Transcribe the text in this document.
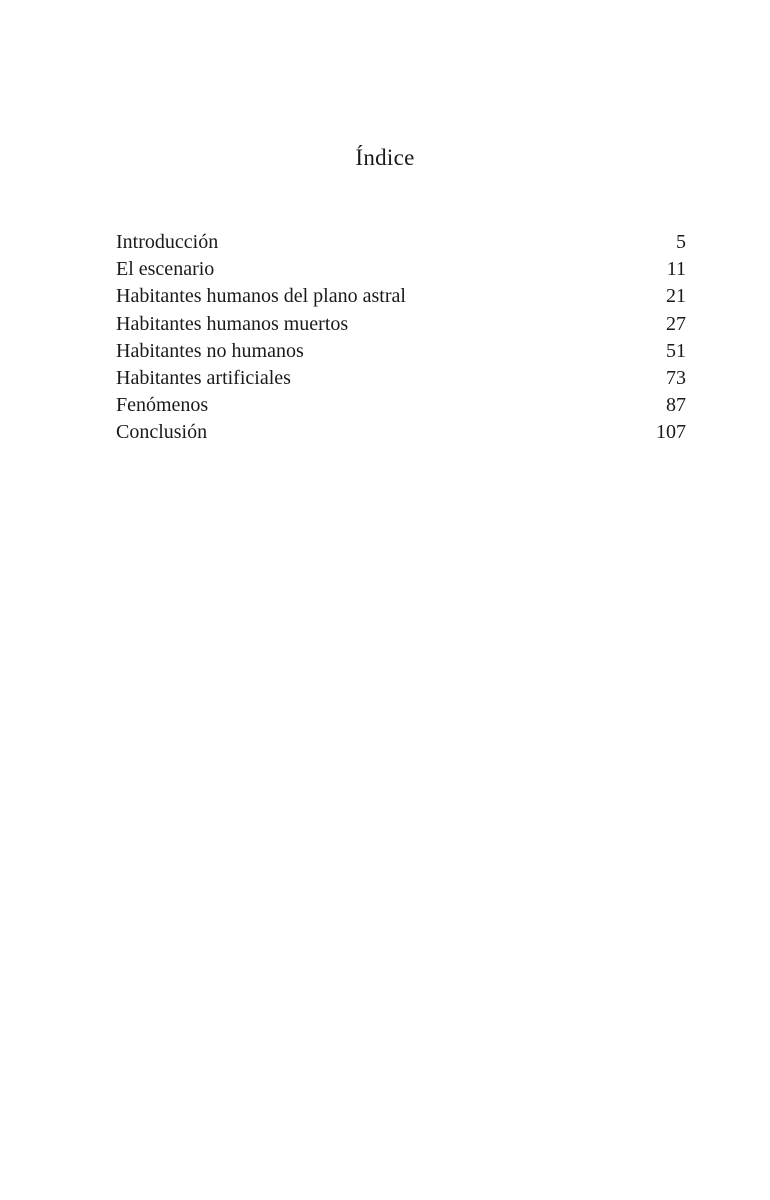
Índice
Introducción	5
El escenario	11
Habitantes humanos del plano astral	21
Habitantes humanos muertos	27
Habitantes no humanos	51
Habitantes artificiales	73
Fenómenos	87
Conclusión	107
